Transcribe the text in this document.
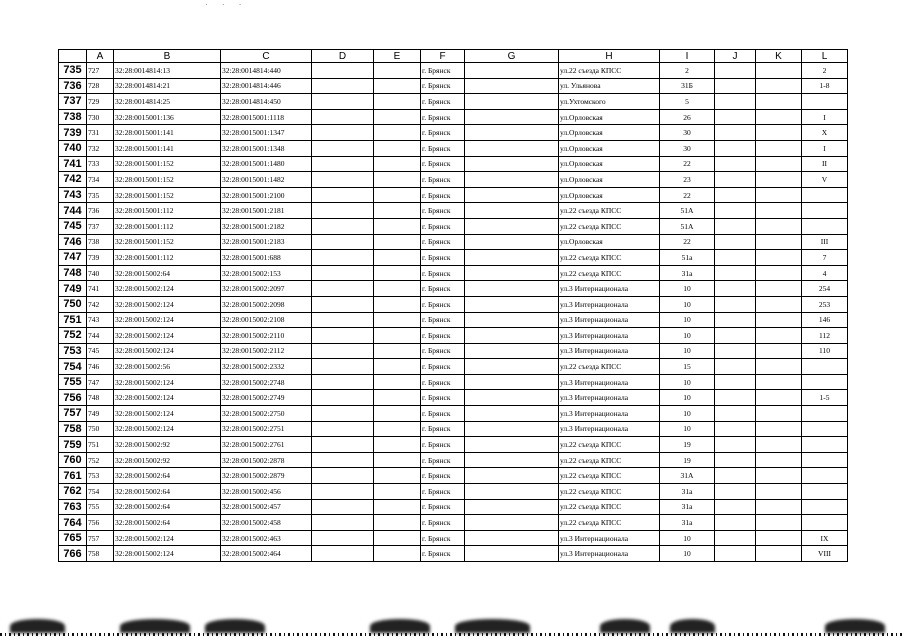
· · ·
	A	B	C	D	E	F	G	H	I	J	K	L
735	727	32:28:0014814:13	32:28:0014814:440			г. Брянск		ул.22 съезда КПСС	2			2
736	728	32:28:0014814:21	32:28:0014814:446			г. Брянск		ул. Ульянова	31Б			1-8
737	729	32:28:0014814:25	32:28:0014814:450			г. Брянск		ул.Ухтомского	5			
738	730	32:28:0015001:136	32:28:0015001:1118			г. Брянск		ул.Орловская	26			I
739	731	32:28:0015001:141	32:28:0015001:1347			г. Брянск		ул.Орловская	30			X
740	732	32:28:0015001:141	32:28:0015001:1348			г. Брянск		ул.Орловская	30			I
741	733	32:28:0015001:152	32:28:0015001:1480			г. Брянск		ул.Орловская	22			II
742	734	32:28:0015001:152	32:28:0015001:1482			г. Брянск		ул.Орловская	23			V
743	735	32:28:0015001:152	32:28:0015001:2100			г. Брянск		ул.Орловская	22			
744	736	32:28:0015001:112	32:28:0015001:2181			г. Брянск		ул.22 съезда КПСС	51А			
745	737	32:28:0015001:112	32:28:0015001:2182			г. Брянск		ул.22 съезда КПСС	51А			
746	738	32:28:0015001:152	32:28:0015001:2183			г. Брянск		ул.Орловская	22			III
747	739	32:28:0015001:112	32:28:0015001:688			г. Брянск		ул.22 съезда КПСС	51а			7
748	740	32:28:0015002:64	32:28:0015002:153			г. Брянск		ул.22 съезда КПСС	31а			4
749	741	32:28:0015002:124	32:28:0015002:2097			г. Брянск		ул.3 Интернационала	10			254
750	742	32:28:0015002:124	32:28:0015002:2098			г. Брянск		ул.3 Интернационала	10			253
751	743	32:28:0015002:124	32:28:0015002:2108			г. Брянск		ул.3 Интернационала	10			146
752	744	32:28:0015002:124	32:28:0015002:2110			г. Брянск		ул.3 Интернационала	10			112
753	745	32:28:0015002:124	32:28:0015002:2112			г. Брянск		ул.3 Интернационала	10			110
754	746	32:28:0015002:56	32:28:0015002:2332			г. Брянск		ул.22 съезда КПСС	15			
755	747	32:28:0015002:124	32:28:0015002:2748			г. Брянск		ул.3 Интернационала	10			
756	748	32:28:0015002:124	32:28:0015002:2749			г. Брянск		ул.3 Интернационала	10			1-5
757	749	32:28:0015002:124	32:28:0015002:2750			г. Брянск		ул.3 Интернационала	10			
758	750	32:28:0015002:124	32:28:0015002:2751			г. Брянск		ул.3 Интернационала	10			
759	751	32:28:0015002:92	32:28:0015002:2761			г. Брянск		ул.22 съезда КПСС	19			
760	752	32:28:0015002:92	32:28:0015002:2878			г. Брянск		ул.22 съезда КПСС	19			
761	753	32:28:0015002:64	32:28:0015002:2879			г. Брянск		ул.22 съезда КПСС	31А			
762	754	32:28:0015002:64	32:28:0015002:456			г. Брянск		ул.22 съезда КПСС	31а			
763	755	32:28:0015002:64	32:28:0015002:457			г. Брянск		ул.22 съезда КПСС	31а			
764	756	32:28:0015002:64	32:28:0015002:458			г. Брянск		ул.22 съезда КПСС	31а			
765	757	32:28:0015002:124	32:28:0015002:463			г. Брянск		ул.3 Интернационала	10			IX
766	758	32:28:0015002:124	32:28:0015002:464			г. Брянск		ул.3 Интернационала	10			VIII
